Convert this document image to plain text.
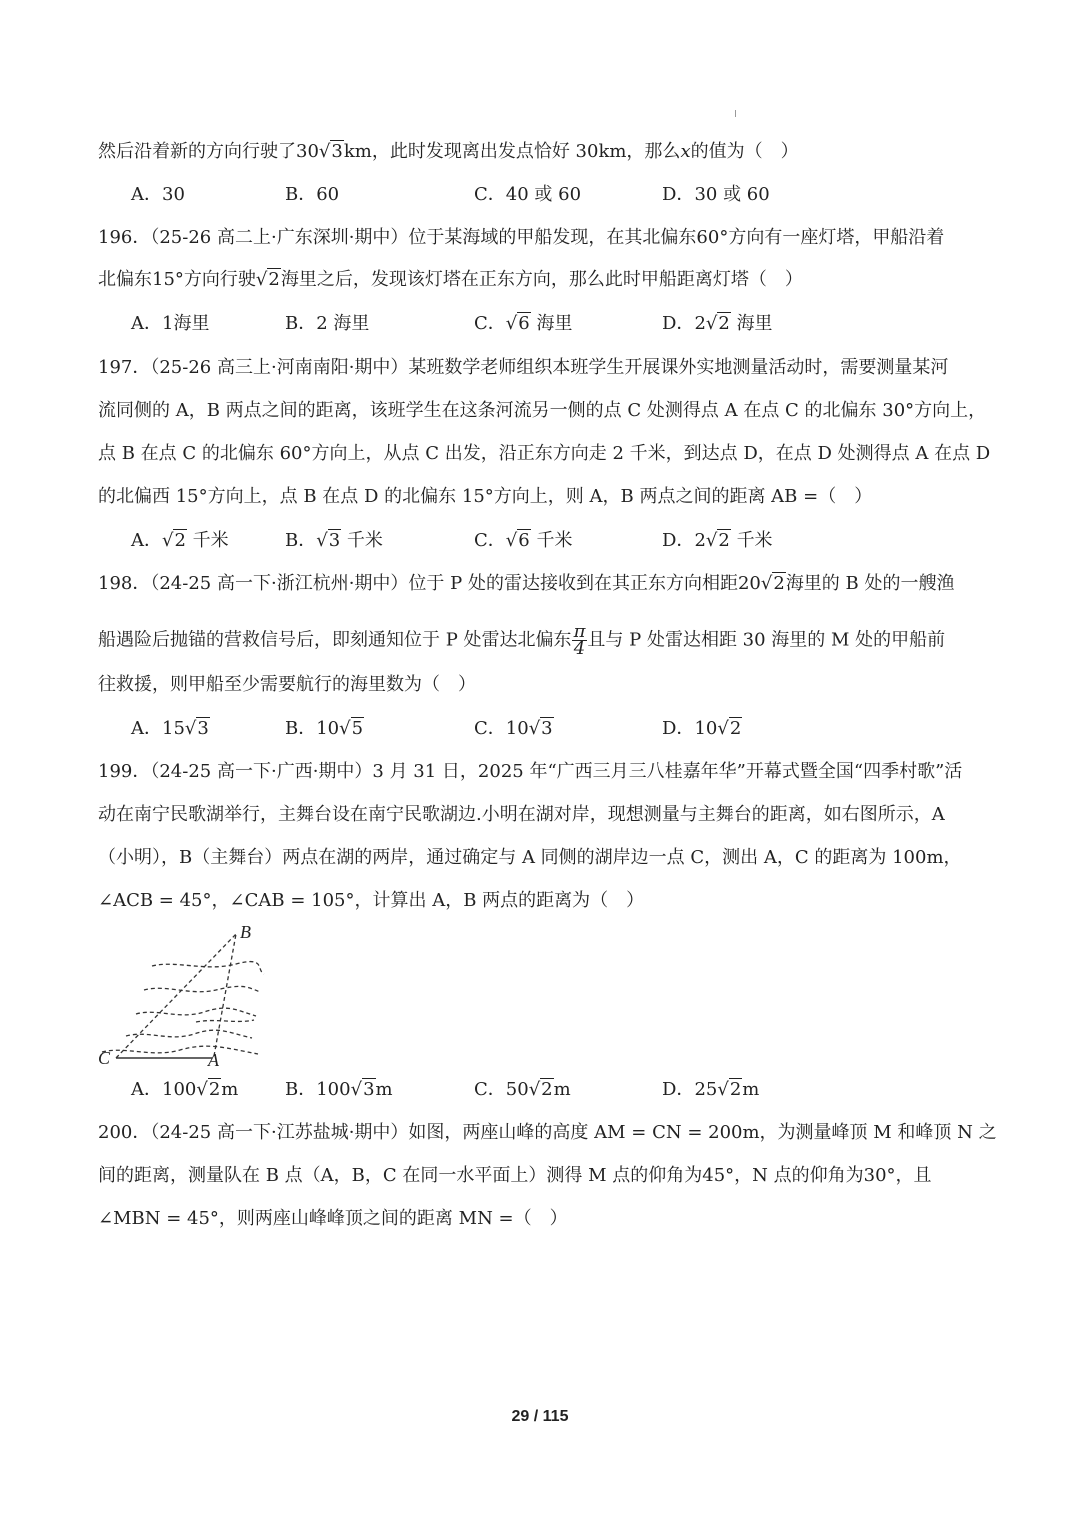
然后沿着新的方向行驶了30√3km，此时发现离出发点恰好 30km，那么x的值为（　）
A．30	B．60	C．40 或 60	D．30 或 60
196．（25-26 高二上·广东深圳·期中）位于某海域的甲船发现，在其北偏东60°方向有一座灯塔，甲船沿着
北偏东15°方向行驶√2海里之后，发现该灯塔在正东方向，那么此时甲船距离灯塔（　）
A．1海里	B．2 海里	C．√6 海里	D．2√2 海里
197．（25-26 高三上·河南南阳·期中）某班数学老师组织本班学生开展课外实地测量活动时，需要测量某河
流同侧的 A，B 两点之间的距离，该班学生在这条河流另一侧的点 C 处测得点 A 在点 C 的北偏东 30°方向上，
点 B 在点 C 的北偏东 60°方向上，从点 C 出发，沿正东方向走 2 千米，到达点 D，在点 D 处测得点 A 在点 D
的北偏西 15°方向上，点 B 在点 D 的北偏东 15°方向上，则 A，B 两点之间的距离 AB =（　）
A．√2 千米	B．√3 千米	C．√6 千米	D．2√2 千米
198．（24-25 高一下·浙江杭州·期中）位于 P 处的雷达接收到在其正东方向相距20√2海里的 B 处的一艘渔
船遇险后抛锚的营救信号后，即刻通知位于 P 处雷达北偏东 $\frac{\pi}{4}$ 且与 P 处雷达相距 30 海里的 M 处的甲船前
往救援，则甲船至少需要航行的海里数为（　）
A．15√3	B．10√5	C．10√3	D．10√2
199．（24-25 高一下·广西·期中）3 月 31 日，2025 年“广西三月三八桂嘉年华”开幕式暨全国“四季村歌”活
动在南宁民歌湖举行，主舞台设在南宁民歌湖边.小明在湖对岸，现想测量与主舞台的距离，如右图所示，A
（小明），B（主舞台）两点在湖的两岸，通过确定与 A 同侧的湖岸边一点 C，测出 A，C 的距离为 100m，
∠ACB = 45°，∠CAB = 105°，计算出 A，B 两点的距离为（　）
B
C	A
A．100√2m	B．100√3m	C．50√2m	D．25√2m
200．（24-25 高一下·江苏盐城·期中）如图，两座山峰的高度 AM = CN = 200m，为测量峰顶 M 和峰顶 N 之
间的距离，测量队在 B 点（A，B，C 在同一水平面上）测得 M 点的仰角为45°，N 点的仰角为30°，且
∠MBN = 45°，则两座山峰峰顶之间的距离 MN =（　）
29 / 115
